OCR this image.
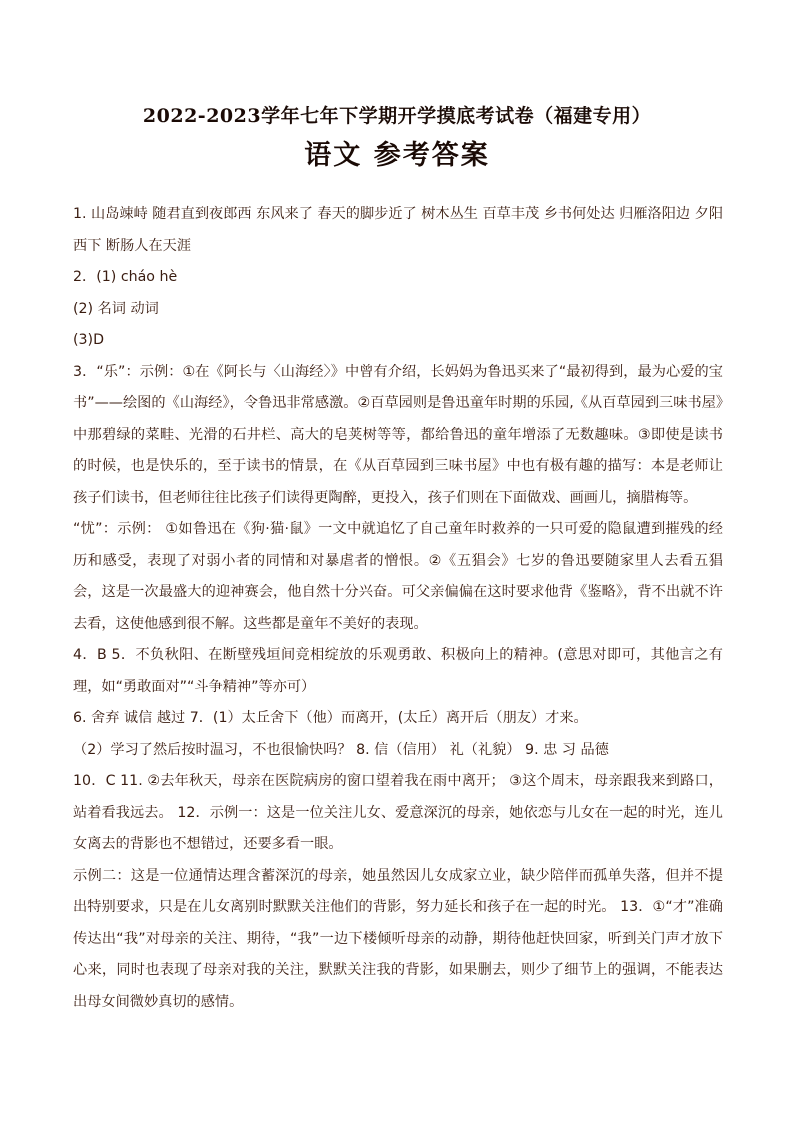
2022-2023学年七年下学期开学摸底考试卷（福建专用）
语文 参考答案

1. 山岛竦峙 随君直到夜郎西 东风来了 春天的脚步近了 树木丛生 百草丰茂 乡书何处达 归雁洛阳边 夕阳西下 断肠人在天涯

2．(1) cháo hè

(2) 名词 动词

(3)D

3．“乐”：示例：①在《阿长与〈山海经〉》中曾有介绍，长妈妈为鲁迅买来了“最初得到，最为心爱的宝书”——绘图的《山海经》，令鲁迅非常感激。②百草园则是鲁迅童年时期的乐园,《从百草园到三味书屋》中那碧绿的菜畦、光滑的石井栏、高大的皂荚树等等，都给鲁迅的童年增添了无数趣味。③即使是读书的时候，也是快乐的，至于读书的情景，在《从百草园到三味书屋》中也有极有趣的描写：本是老师让孩子们读书，但老师往往比孩子们读得更陶醉，更投入，孩子们则在下面做戏、画画儿，摘腊梅等。

“忧”：示例： ①如鲁迅在《狗·猫·鼠》一文中就追忆了自己童年时救养的一只可爱的隐鼠遭到摧残的经历和感受，表现了对弱小者的同情和对暴虐者的憎恨。②《五猖会》七岁的鲁迅要随家里人去看五猖会，这是一次最盛大的迎神赛会，他自然十分兴奋。可父亲偏偏在这时要求他背《鉴略》，背不出就不许去看，这使他感到很不解。这些都是童年不美好的表现。

4．B 5．不负秋阳、在断壁残垣间竞相绽放的乐观勇敢、积极向上的精神。(意思对即可，其他言之有理，如“勇敢面对”“斗争精神”等亦可）

6. 舍弃 诚信 越过 7．(1）太丘舍下（他）而离开，(太丘）离开后（朋友）才来。

（2）学习了然后按时温习，不也很愉快吗？ 8. 信（信用） 礼（礼貌） 9. 忠 习 品德

10．C 11. ②去年秋天，母亲在医院病房的窗口望着我在雨中离开； ③这个周末，母亲跟我来到路口，站着看我远去。 12．示例一：这是一位关注儿女、爱意深沉的母亲，她依恋与儿女在一起的时光，连儿女离去的背影也不想错过，还要多看一眼。

示例二：这是一位通情达理含蓄深沉的母亲，她虽然因儿女成家立业，缺少陪伴而孤单失落，但并不提出特别要求，只是在儿女离别时默默关注他们的背影，努力延长和孩子在一起的时光。 13．①“才”准确传达出“我”对母亲的关注、期待，“我”一边下楼倾听母亲的动静，期待他赶快回家，听到关门声才放下心来，同时也表现了母亲对我的关注，默默关注我的背影，如果删去，则少了细节上的强调，不能表达出母女间微妙真切的感情。
